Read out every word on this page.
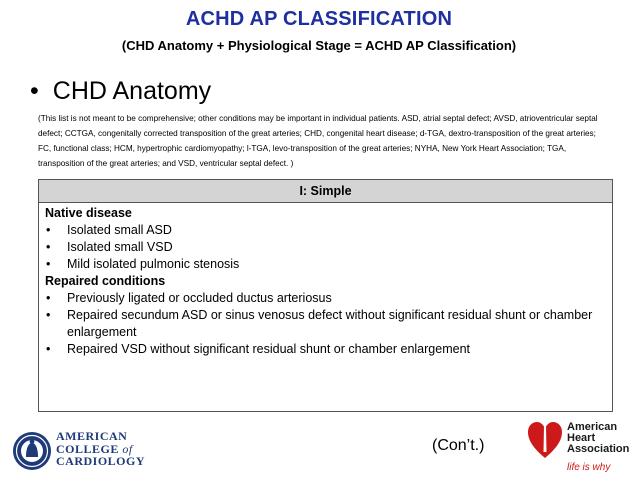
ACHD AP CLASSIFICATION
(CHD Anatomy + Physiological Stage = ACHD AP Classification)
• CHD Anatomy
(This list is not meant to be comprehensive; other conditions may be important in individual patients. ASD, atrial septal defect; AVSD, atrioventricular septal defect; CCTGA, congenitally corrected transposition of the great arteries; CHD, congenital heart disease; d-TGA, dextro-transposition of the great arteries; FC, functional class; HCM, hypertrophic cardiomyopathy; l-TGA, levo-transposition of the great arteries; NYHA, New York Heart Association; TGA, transposition of the great arteries; and VSD, ventricular septal defect. )
I: Simple
Native disease
• Isolated small ASD
• Isolated small VSD
• Mild isolated pulmonic stenosis
Repaired conditions
• Previously ligated or occluded ductus arteriosus
• Repaired secundum ASD or sinus venosus defect without significant residual shunt or chamber enlargement
• Repaired VSD without significant residual shunt or chamber enlargement
AMERICAN
COLLEGE of
CARDIOLOGY
(Con’t.)
American
Heart
Association
life is why
